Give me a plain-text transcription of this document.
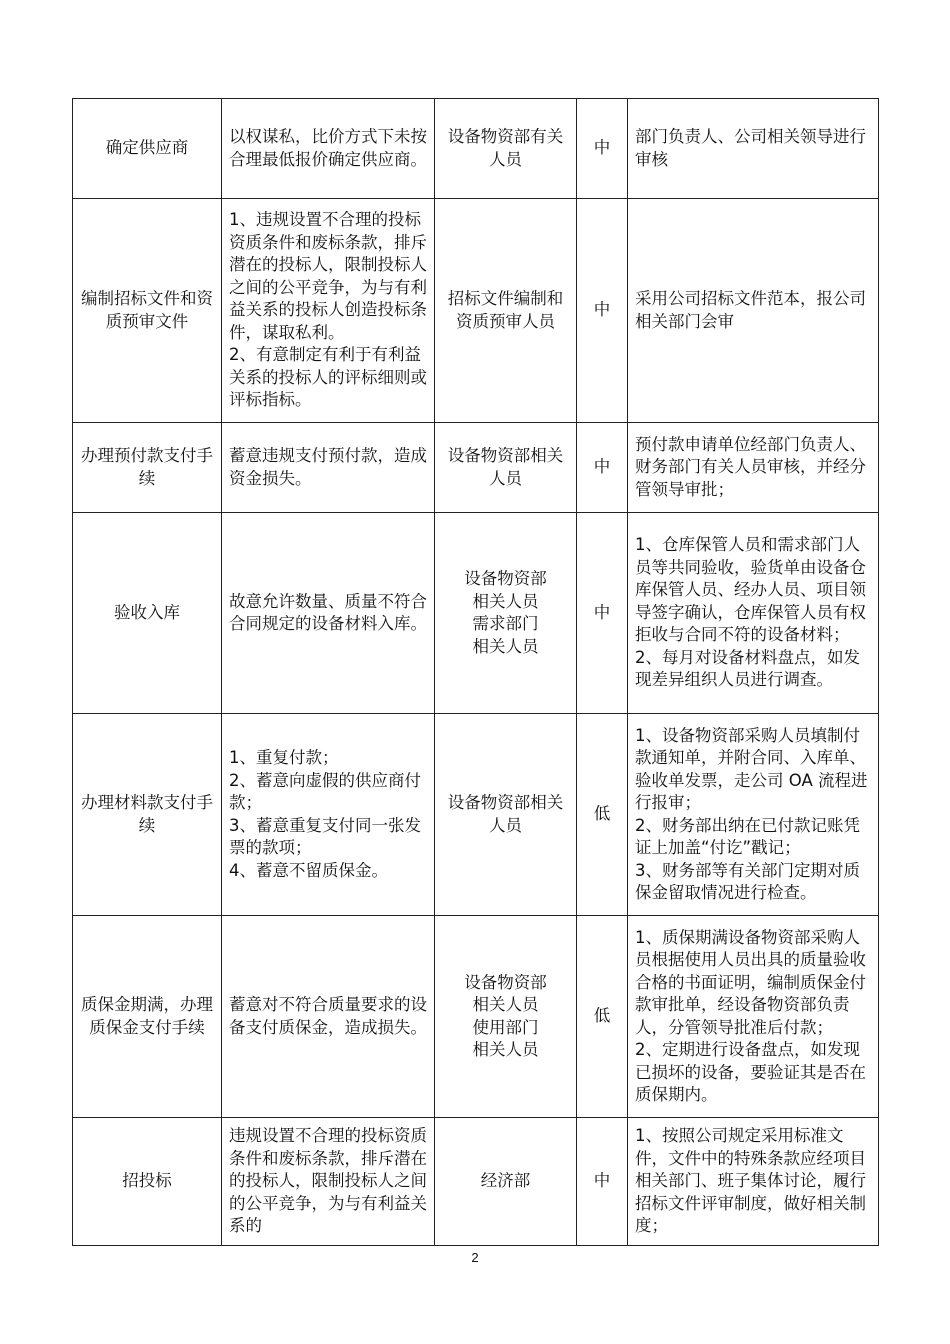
确定供应商	以权谋私，比价方式下未按合理最低报价确定供应商。	设备物资部有关人员	中	部门负责人、公司相关领导进行审核

编制招标文件和资质预审文件	1、违规设置不合理的投标资质条件和废标条款，排斥潜在的投标人，限制投标人之间的公平竞争，为与有利益关系的投标人创造投标条件，谋取私利。
2、有意制定有利于有利益关系的投标人的评标细则或评标指标。	招标文件编制和资质预审人员	中	采用公司招标文件范本，报公司相关部门会审

办理预付款支付手续	蓄意违规支付预付款，造成资金损失。	设备物资部相关人员	中	预付款申请单位经部门负责人、财务部门有关人员审核，并经分管领导审批；

验收入库	故意允许数量、质量不符合合同规定的设备材料入库。	设备物资部
相关人员
需求部门
相关人员	中	1、仓库保管人员和需求部门人员等共同验收，验货单由设备仓库保管人员、经办人员、项目领导签字确认，仓库保管人员有权拒收与合同不符的设备材料；
2、每月对设备材料盘点，如发现差异组织人员进行调查。

办理材料款支付手续	1、重复付款；
2、蓄意向虚假的供应商付款；
3、蓄意重复支付同一张发票的款项；
4、蓄意不留质保金。	设备物资部相关人员	低	1、设备物资部采购人员填制付款通知单，并附合同、入库单、验收单发票，走公司 OA 流程进行报审；
2、财务部出纳在已付款记账凭证上加盖“付讫”戳记；
3、财务部等有关部门定期对质保金留取情况进行检查。

质保金期满，办理质保金支付手续	蓄意对不符合质量要求的设备支付质保金，造成损失。	设备物资部
相关人员
使用部门
相关人员	低	1、质保期满设备物资部采购人员根据使用人员出具的质量验收合格的书面证明，编制质保金付款审批单，经设备物资部负责人，分管领导批准后付款；
2、定期进行设备盘点，如发现已损坏的设备，要验证其是否在质保期内。

招投标	违规设置不合理的投标资质条件和废标条款，排斥潜在的投标人，限制投标人之间的公平竞争，为与有利益关系的	经济部	中	1、按照公司规定采用标准文件，文件中的特殊条款应经项目相关部门、班子集体讨论，履行招标文件评审制度，做好相关制度；
2
